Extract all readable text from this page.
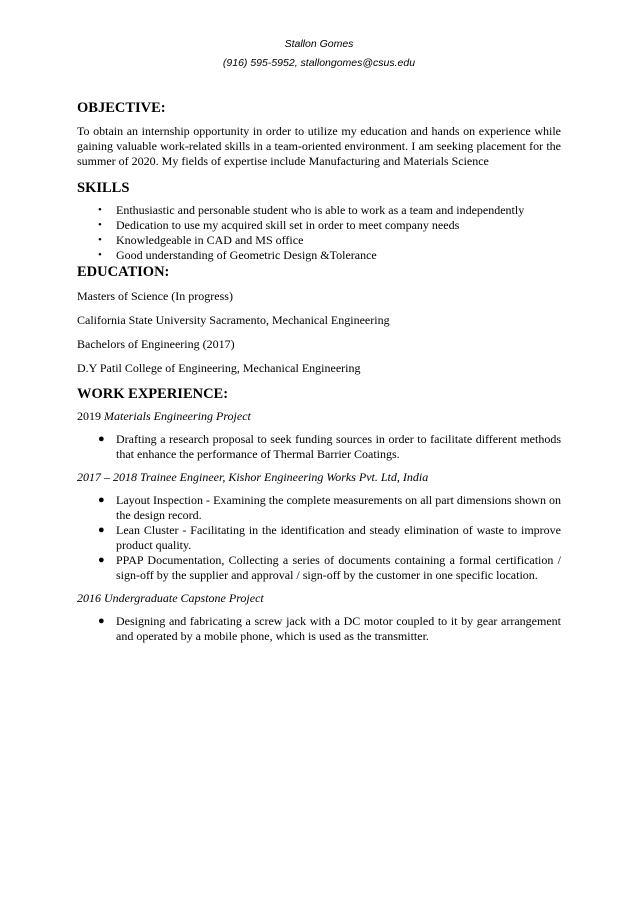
Stallon Gomes
(916) 595-5952, stallongomes@csus.edu
OBJECTIVE:
To obtain an internship opportunity in order to utilize my education and hands on experience while gaining valuable work-related skills in a team-oriented environment. I am seeking placement for the summer of 2020. My fields of expertise include Manufacturing and Materials Science
SKILLS
• Enthusiastic and personable student who is able to work as a team and independently
• Dedication to use my acquired skill set in order to meet company needs
• Knowledgeable in CAD and MS office
• Good understanding of Geometric Design &Tolerance
EDUCATION:
Masters of Science (In progress)
California State University Sacramento, Mechanical Engineering
Bachelors of Engineering (2017)
D.Y Patil College of Engineering, Mechanical Engineering
WORK EXPERIENCE:
2019 Materials Engineering Project
● Drafting a research proposal to seek funding sources in order to facilitate different methods that enhance the performance of Thermal Barrier Coatings.
2017 – 2018 Trainee Engineer, Kishor Engineering Works Pvt. Ltd, India
● Layout Inspection - Examining the complete measurements on all part dimensions shown on the design record.
● Lean Cluster - Facilitating in the identification and steady elimination of waste to improve product quality.
● PPAP Documentation, Collecting a series of documents containing a formal certification / sign-off by the supplier and approval / sign-off by the customer in one specific location.
2016 Undergraduate Capstone Project
● Designing and fabricating a screw jack with a DC motor coupled to it by gear arrangement and operated by a mobile phone, which is used as the transmitter.
